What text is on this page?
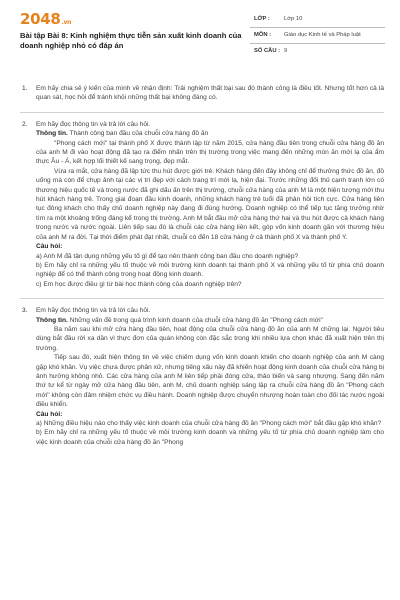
2048.vn
Bài tập Bài 8: Kinh nghiệm thực tiễn sản xuất kinh doanh của doanh nghiệp nhỏ có đáp án
LỚP : Lớp 10
MÔN : Giáo dục Kinh tế và Pháp luật
SỐ CÂU : 9
1. Em hãy chia sẻ ý kiến của mình về nhận định: Trải nghiệm thất bại sau đó thành công là điều tốt. Nhưng tốt hơn cả là quan sát, học hỏi để tránh khỏi những thất bại không đáng có.

2. Em hãy đọc thông tin và trả lời câu hỏi.

Thông tin. Thành công ban đầu của chuỗi cửa hàng đồ ăn

"Phong cách mới" tại thành phố X được thành lập từ năm 2015, cửa hàng đầu tiên trong chuỗi cửa hàng đồ ăn của anh M đi vào hoạt động đã tạo ra điểm nhấn trên thị trường trong việc mang đến những món ăn mới lạ của ẩm thực Âu - Á, kết hợp lối thiết kế sang trọng, đẹp mắt.

Vừa ra mắt, cửa hàng đã lập tức thu hút được giới trẻ. Khách hàng đến đây không chỉ để thưởng thức đồ ăn, đồ uống mà còn để chụp ảnh tại các vị trí đẹp với cách trang trí mới lạ, hiện đại. Trước những đối thủ cạnh tranh lớn có thương hiệu quốc tế và trong nước đã ghi dấu ấn trên thị trường, chuỗi cửa hàng của anh M là một hiện tượng mới thu hút khách hàng trẻ. Trong giai đoạn đầu kinh doanh, những khách hàng trẻ tuổi đã phản hồi tích cực. Cửa hàng liên tục đông khách cho thấy chủ doanh nghiệp này đang đi đúng hướng. Doanh nghiệp có thể tiếp tục tăng trưởng nhờ tìm ra một khoảng trống đáng kể trong thị trường. Anh M bắt đầu mở cửa hàng thứ hai và thu hút được cả khách hàng trong nước và nước ngoài. Liên tiếp sau đó là chuỗi các cửa hàng liên kết, góp vốn kinh doanh gần với thương hiệu của anh M ra đời. Tại thời điểm phát đạt nhất, chuỗi có đến 18 cửa hàng ở cả thành phố X và thành phố Y.

Câu hỏi:

a) Anh M đã tận dụng những yếu tố gì để tạo nên thành công ban đầu cho doanh nghiệp?

b) Em hãy chỉ ra những yếu tố thuộc về môi trường kinh doanh tại thành phố X và những yếu tố từ phía chủ doanh nghiệp để có thể thành công trong hoạt động kinh doanh.

c) Em học được điều gì từ bài học thành công của doanh nghiệp trên?

3. Em hãy đọc thông tin và trả lời câu hỏi.

Thông tin. Những vấn đề trong quá trình kinh doanh của chuỗi cửa hàng đồ ăn "Phong cách mới"

Ba năm sau khi mở cửa hàng đầu tiên, hoạt động của chuỗi cửa hàng đồ ăn của anh M chững lại. Người tiêu dùng bắt đầu rời xa dần vì thực đơn của quán không còn đặc sắc trong khi nhiều lựa chọn khác đã xuất hiện trên thị trường.

Tiếp sau đó, xuất hiện thông tin về việc chiếm dụng vốn kinh doanh khiến cho doanh nghiệp của anh M càng gặp khó khăn. Vụ việc chưa được phân xử, nhưng tiếng xấu này đã khiến hoạt động kinh doanh của chuỗi cửa hàng bị ảnh hưởng không nhỏ. Các cửa hàng của anh M liên tiếp phải đóng cửa, thảo biến và sang nhượng. Sang đến năm thứ tư kể từ ngày mở cửa hàng đầu tiên, anh M, chủ doanh nghiệp sáng lập ra chuỗi cửa hàng đồ ăn "Phong cách mới" không còn đảm nhiệm chức vụ điều hành. Doanh nghiệp được chuyển nhượng hoàn toàn cho đối tác nước ngoài điều khiển.

Câu hỏi:

a) Những điều hiệu nào cho thấy việc kinh doanh của chuỗi cửa hàng đồ ăn "Phong cách mới" bắt đầu gặp khó khăn?

b) Em hãy chỉ ra những yếu tố thuộc về môi trường kinh doanh và những yếu tố từ phía chủ doanh nghiệp làm cho việc kinh doanh của chuỗi cửa hàng đồ ăn "Phong
